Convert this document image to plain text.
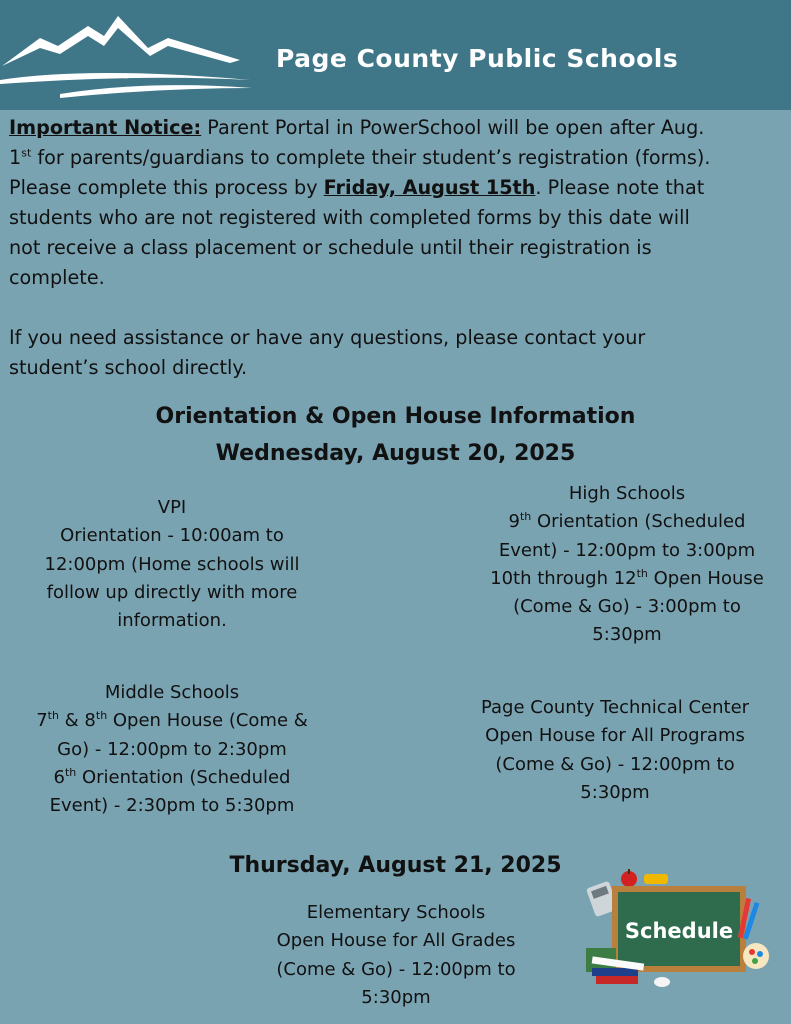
Page County Public Schools

Important Notice: Parent Portal in PowerSchool will be open after Aug.

1st for parents/guardians to complete their student’s registration (forms).

Please complete this process by Friday, August 15th. Please note that

students who are not registered with completed forms by this date will

not receive a class placement or schedule until their registration is

complete.

If you need assistance or have any questions, please contact your

student’s school directly.

Orientation & Open House Information
Wednesday, August 20, 2025
VPI
Orientation - 10:00am to
12:00pm (Home schools will
follow up directly with more
information.
High Schools
9th Orientation (Scheduled
Event) - 12:00pm to 3:00pm
10th through 12th Open House
(Come & Go) - 3:00pm to
5:30pm
Middle Schools
7th & 8th Open House (Come &
Go) - 12:00pm to 2:30pm
6th Orientation (Scheduled
Event) - 2:30pm to 5:30pm
Page County Technical Center
Open House for All Programs
(Come & Go) - 12:00pm to
5:30pm
Thursday, August 21, 2025
Elementary Schools
Open House for All Grades
(Come & Go) - 12:00pm to
5:30pm
Schedule
